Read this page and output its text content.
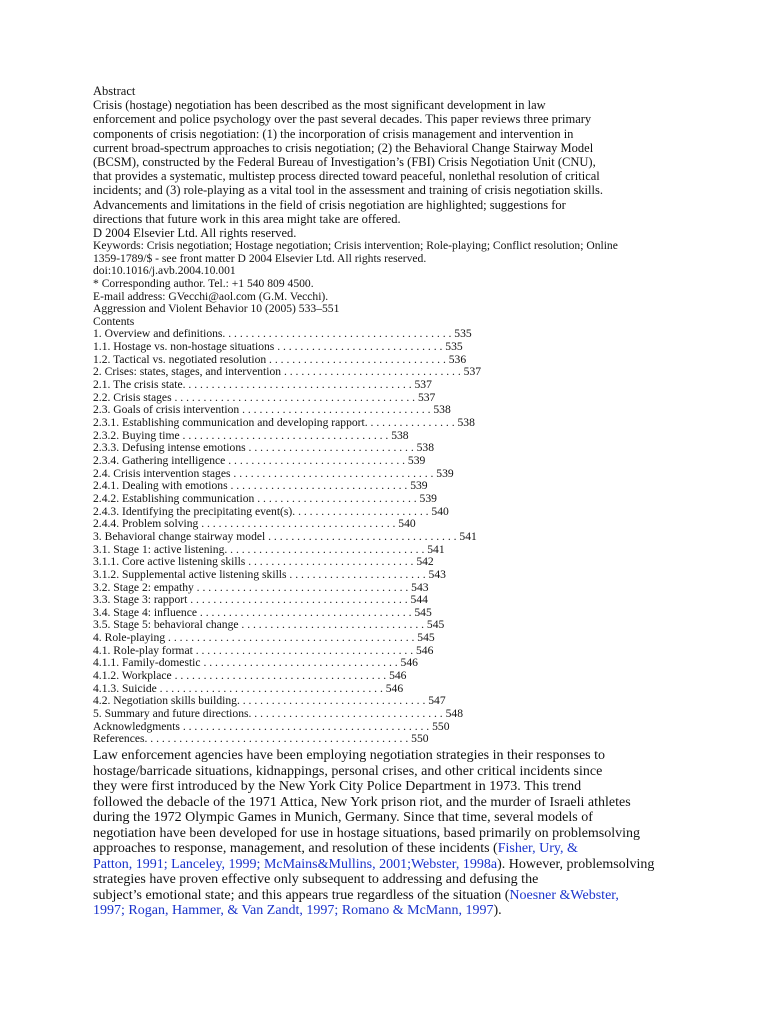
Abstract
Crisis (hostage) negotiation has been described as the most significant development in law
enforcement and police psychology over the past several decades. This paper reviews three primary
components of crisis negotiation: (1) the incorporation of crisis management and intervention in
current broad-spectrum approaches to crisis negotiation; (2) the Behavioral Change Stairway Model
(BCSM), constructed by the Federal Bureau of Investigation’s (FBI) Crisis Negotiation Unit (CNU),
that provides a systematic, multistep process directed toward peaceful, nonlethal resolution of critical
incidents; and (3) role-playing as a vital tool in the assessment and training of crisis negotiation skills.
Advancements and limitations in the field of crisis negotiation are highlighted; suggestions for
directions that future work in this area might take are offered.
D 2004 Elsevier Ltd. All rights reserved.
Keywords: Crisis negotiation; Hostage negotiation; Crisis intervention; Role-playing; Conflict resolution; Online
1359-1789/$ - see front matter D 2004 Elsevier Ltd. All rights reserved.
doi:10.1016/j.avb.2004.10.001
* Corresponding author. Tel.: +1 540 809 4500.
E-mail address: GVecchi@aol.com (G.M. Vecchi).
Aggression and Violent Behavior 10 (2005) 533–551
Contents
1. Overview and definitions. . . . . . . . . . . . . . . . . . . . . . . . . . . . . . . . . . . . . . . . 535
1.1. Hostage vs. non-hostage situations . . . . . . . . . . . . . . . . . . . . . . . . . . . . . 535
1.2. Tactical vs. negotiated resolution . . . . . . . . . . . . . . . . . . . . . . . . . . . . . . . 536
2. Crises: states, stages, and intervention . . . . . . . . . . . . . . . . . . . . . . . . . . . . . . . 537
2.1. The crisis state. . . . . . . . . . . . . . . . . . . . . . . . . . . . . . . . . . . . . . . . 537
2.2. Crisis stages . . . . . . . . . . . . . . . . . . . . . . . . . . . . . . . . . . . . . . . . . . 537
2.3. Goals of crisis intervention . . . . . . . . . . . . . . . . . . . . . . . . . . . . . . . . . 538
2.3.1. Establishing communication and developing rapport. . . . . . . . . . . . . . . . 538
2.3.2. Buying time . . . . . . . . . . . . . . . . . . . . . . . . . . . . . . . . . . . . 538
2.3.3. Defusing intense emotions . . . . . . . . . . . . . . . . . . . . . . . . . . . . . 538
2.3.4. Gathering intelligence . . . . . . . . . . . . . . . . . . . . . . . . . . . . . . . 539
2.4. Crisis intervention stages . . . . . . . . . . . . . . . . . . . . . . . . . . . . . . . . . . . 539
2.4.1. Dealing with emotions . . . . . . . . . . . . . . . . . . . . . . . . . . . . . . . 539
2.4.2. Establishing communication . . . . . . . . . . . . . . . . . . . . . . . . . . . . 539
2.4.3. Identifying the precipitating event(s). . . . . . . . . . . . . . . . . . . . . . . . 540
2.4.4. Problem solving . . . . . . . . . . . . . . . . . . . . . . . . . . . . . . . . . . 540
3. Behavioral change stairway model . . . . . . . . . . . . . . . . . . . . . . . . . . . . . . . . . 541
3.1. Stage 1: active listening. . . . . . . . . . . . . . . . . . . . . . . . . . . . . . . . . . . 541
3.1.1. Core active listening skills . . . . . . . . . . . . . . . . . . . . . . . . . . . . . 542
3.1.2. Supplemental active listening skills . . . . . . . . . . . . . . . . . . . . . . . . 543
3.2. Stage 2: empathy . . . . . . . . . . . . . . . . . . . . . . . . . . . . . . . . . . . . . 543
3.3. Stage 3: rapport . . . . . . . . . . . . . . . . . . . . . . . . . . . . . . . . . . . . . . 544
3.4. Stage 4: influence . . . . . . . . . . . . . . . . . . . . . . . . . . . . . . . . . . . . . 545
3.5. Stage 5: behavioral change . . . . . . . . . . . . . . . . . . . . . . . . . . . . . . . . 545
4. Role-playing . . . . . . . . . . . . . . . . . . . . . . . . . . . . . . . . . . . . . . . . . . . 545
4.1. Role-play format . . . . . . . . . . . . . . . . . . . . . . . . . . . . . . . . . . . . . . 546
4.1.1. Family-domestic . . . . . . . . . . . . . . . . . . . . . . . . . . . . . . . . . . 546
4.1.2. Workplace . . . . . . . . . . . . . . . . . . . . . . . . . . . . . . . . . . . . . 546
4.1.3. Suicide . . . . . . . . . . . . . . . . . . . . . . . . . . . . . . . . . . . . . . . 546
4.2. Negotiation skills building. . . . . . . . . . . . . . . . . . . . . . . . . . . . . . . . . 547
5. Summary and future directions. . . . . . . . . . . . . . . . . . . . . . . . . . . . . . . . . . 548
Acknowledgments . . . . . . . . . . . . . . . . . . . . . . . . . . . . . . . . . . . . . . . . . . . 550
References. . . . . . . . . . . . . . . . . . . . . . . . . . . . . . . . . . . . . . . . . . . . . . 550
Law enforcement agencies have been employing negotiation strategies in their responses to
hostage/barricade situations, kidnappings, personal crises, and other critical incidents since
they were first introduced by the New York City Police Department in 1973. This trend
followed the debacle of the 1971 Attica, New York prison riot, and the murder of Israeli athletes
during the 1972 Olympic Games in Munich, Germany. Since that time, several models of
negotiation have been developed for use in hostage situations, based primarily on problemsolving
approaches to response, management, and resolution of these incidents (Fisher, Ury, &
Patton, 1991; Lanceley, 1999; McMains&Mullins, 2001;Webster, 1998a). However, problemsolving
strategies have proven effective only subsequent to addressing and defusing the
subject’s emotional state; and this appears true regardless of the situation (Noesner &Webster,
1997; Rogan, Hammer, & Van Zandt, 1997; Romano & McMann, 1997).
